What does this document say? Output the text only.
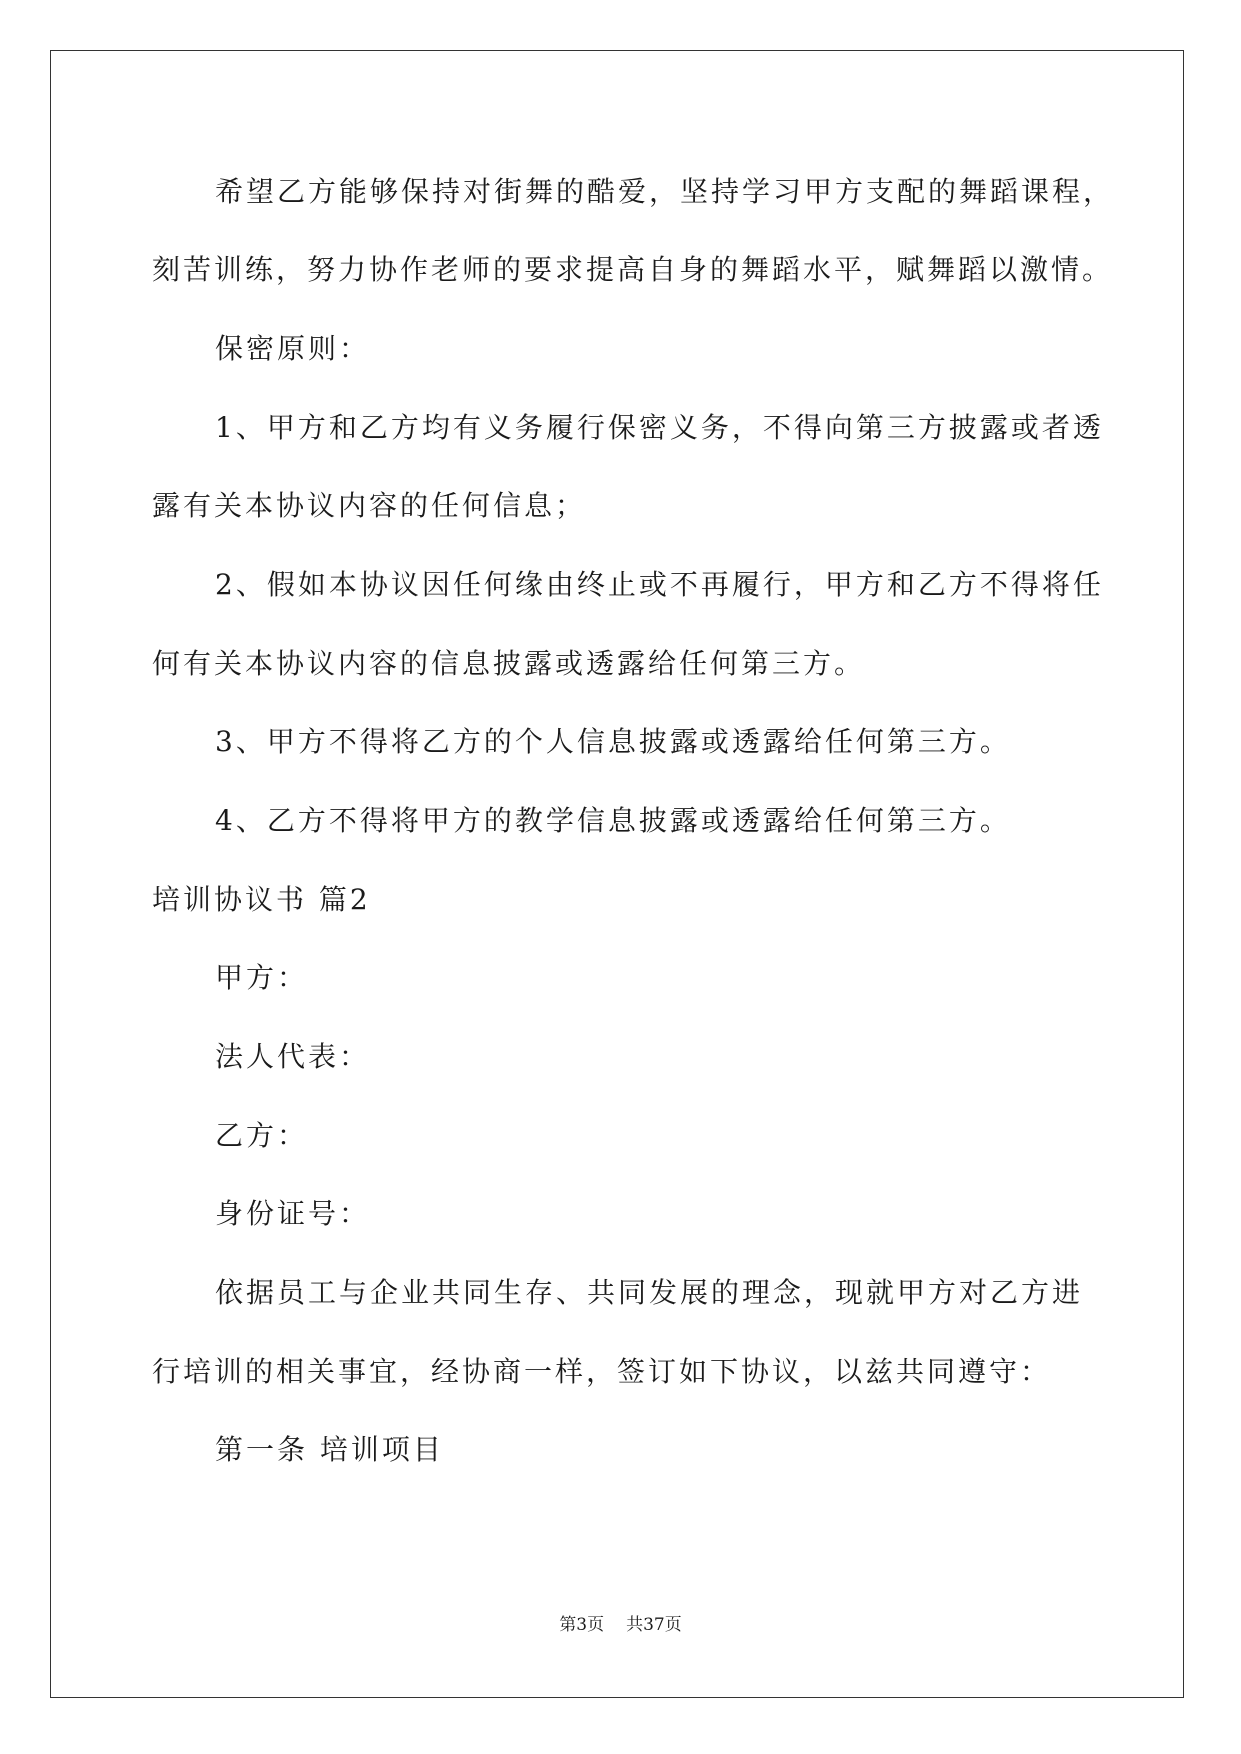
希望乙方能够保持对街舞的酷爱，坚持学习甲方支配的舞蹈课程，
刻苦训练，努力协作老师的要求提高自身的舞蹈水平，赋舞蹈以激情。
保密原则：
1、甲方和乙方均有义务履行保密义务，不得向第三方披露或者透
露有关本协议内容的任何信息；
2、假如本协议因任何缘由终止或不再履行，甲方和乙方不得将任
何有关本协议内容的信息披露或透露给任何第三方。
3、甲方不得将乙方的个人信息披露或透露给任何第三方。
4、乙方不得将甲方的教学信息披露或透露给任何第三方。
培训协议书 篇2
甲方：
法人代表：
乙方：
身份证号：
依据员工与企业共同生存、共同发展的理念，现就甲方对乙方进
行培训的相关事宜，经协商一样，签订如下协议，以兹共同遵守：
第一条 培训项目
第3页 共37页
